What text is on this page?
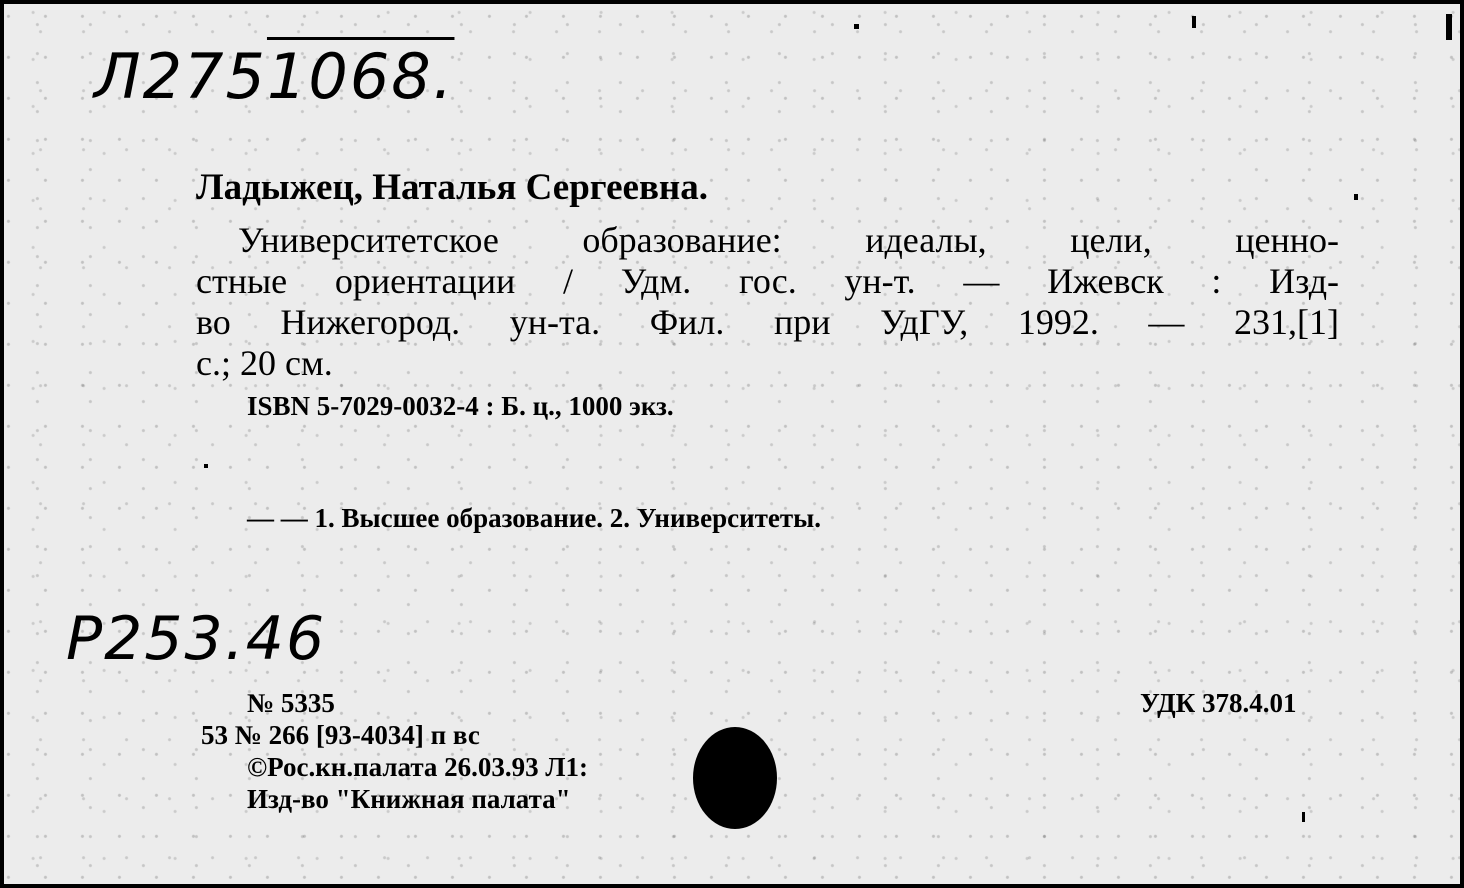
Л2751068.
Ладыжец, Наталья Сергеевна.
Университетское образование: идеалы, цели, ценно-
стные ориентации / Удм. гос. ун-т. — Ижевск : Изд-
во Нижегород. ун-та. Фил. при УдГУ, 1992. — 231,[1]
с.; 20 см.
ISBN 5-7029-0032-4 : Б. ц., 1000 экз.
— — 1. Высшее образование. 2. Университеты.
Р253.46
№ 5335
53 № 266 [93-4034] п вс
©Рос.кн.палата 26.03.93 Л1:
Изд-во "Книжная палата"
УДК 378.4.01
